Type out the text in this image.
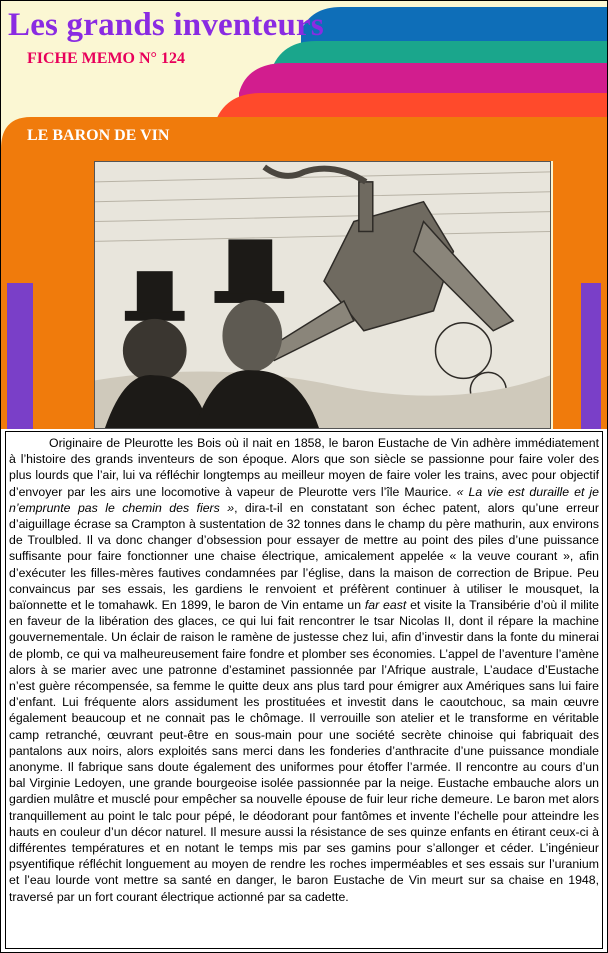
Les grands inventeurs
FICHE MEMO N° 124
LE BARON DE VIN

Originaire de Pleurotte les Bois où il nait en 1858, le baron Eustache de Vin adhère immédiatement à l’histoire des grands inventeurs de son époque. Alors que son siècle se passionne pour faire voler des plus lourds que l’air, lui va réfléchir longtemps au meilleur moyen de faire voler les trains, avec pour objectif d’envoyer par les airs une locomotive à vapeur de Pleurotte vers l’île Maurice. « La vie est duraille et je n’emprunte pas le chemin des fiers », dira-t-il en constatant son échec patent, alors qu’une erreur d’aiguillage écrase sa Crampton à sustentation de 32 tonnes dans le champ du père mathurin, aux environs de Troulbled. Il va donc changer d’obsession pour essayer de mettre au point des piles d’une puissance suffisante pour faire fonctionner une chaise électrique, amicalement appelée « la veuve courant », afin d’exécuter les filles-mères fautives condamnées par l’église, dans la maison de correction de Bripue. Peu convaincus par ses essais, les gardiens le renvoient et préfèrent continuer à utiliser le mousquet, la baïonnette et le tomahawk. En 1899, le baron de Vin entame un far east et visite la Transibérie d’où il milite en faveur de la libération des glaces, ce qui lui fait rencontrer le tsar Nicolas II, dont il répare la machine gouvernementale. Un éclair de raison le ramène de justesse chez lui, afin d’investir dans la fonte du minerai de plomb, ce qui va malheureusement faire fondre et plomber ses économies. L’appel de l’aventure l’amène alors à se marier avec une patronne d’estaminet passionnée par l’Afrique australe, L’audace d’Eustache n’est guère récompensée, sa femme le quitte deux ans plus tard pour émigrer aux Amériques sans lui faire d’enfant. Lui fréquente alors assidument les prostituées et investit dans le caoutchouc, sa main œuvre également beaucoup et ne connait pas le chômage. Il verrouille son atelier et le transforme en véritable camp retranché, œuvrant peut-être en sous-main pour une société secrète chinoise qui fabriquait des pantalons aux noirs, alors exploités sans merci dans les fonderies d’anthracite d’une puissance mondiale anonyme. Il fabrique sans doute également des uniformes pour étoffer l’armée. Il rencontre au cours d’un bal Virginie Ledoyen, une grande bourgeoise isolée passionnée par la neige. Eustache embauche alors un gardien mulâtre et musclé pour empêcher sa nouvelle épouse de fuir leur riche demeure. Le baron met alors tranquillement au point le talc pour pépé, le déodorant pour fantômes et invente l’échelle pour atteindre les hauts en couleur d’un décor naturel. Il mesure aussi la résistance de ses quinze enfants en étirant ceux-ci à différentes températures et en notant le temps mis par ses gamins pour s’allonger et céder. L’ingénieur psyentifique réfléchit longuement au moyen de rendre les roches imperméables et ses essais sur l’uranium et l’eau lourde vont mettre sa santé en danger, le baron Eustache de Vin meurt sur sa chaise en 1948, traversé par un fort courant électrique actionné par sa cadette.
